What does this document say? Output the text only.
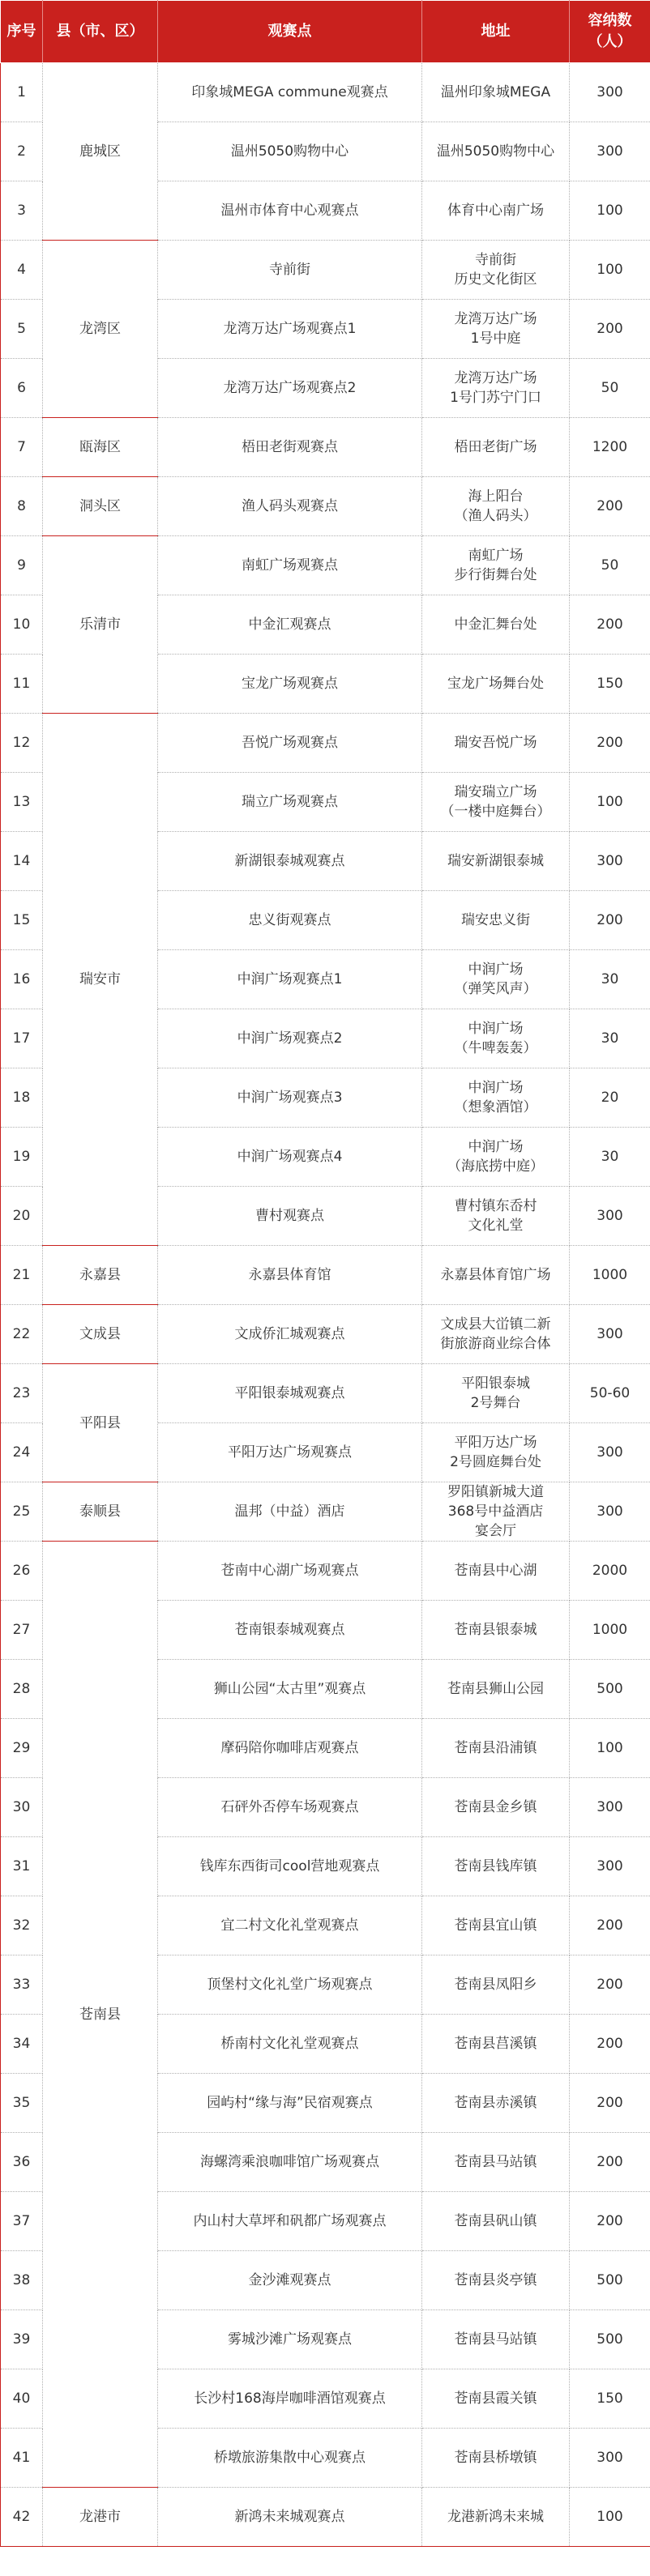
序号	县（市、区）	观赛点	地址	容纳数
（人）
1	鹿城区	印象城MEGA commune观赛点	温州印象城MEGA	300
2		温州5050购物中心	温州5050购物中心	300
3		温州市体育中心观赛点	体育中心南广场	100
4	龙湾区	寺前街	寺前街
历史文化街区	100
5		龙湾万达广场观赛点1	龙湾万达广场
1号中庭	200
6		龙湾万达广场观赛点2	龙湾万达广场
1号门苏宁门口	50
7	瓯海区	梧田老街观赛点	梧田老街广场	1200
8	洞头区	渔人码头观赛点	海上阳台
（渔人码头）	200
9	乐清市	南虹广场观赛点	南虹广场
步行街舞台处	50
10		中金汇观赛点	中金汇舞台处	200
11		宝龙广场观赛点	宝龙广场舞台处	150
12	瑞安市	吾悦广场观赛点	瑞安吾悦广场	200
13		瑞立广场观赛点	瑞安瑞立广场
（一楼中庭舞台）	100
14		新湖银泰城观赛点	瑞安新湖银泰城	300
15		忠义街观赛点	瑞安忠义街	200
16		中润广场观赛点1	中润广场
（弹笑风声）	30
17		中润广场观赛点2	中润广场
（牛啤轰轰）	30
18		中润广场观赛点3	中润广场
（想象酒馆）	20
19		中润广场观赛点4	中润广场
（海底捞中庭）	30
20		曹村观赛点	曹村镇东岙村
文化礼堂	300
21	永嘉县	永嘉县体育馆	永嘉县体育馆广场	1000
22	文成县	文成侨汇城观赛点	文成县大峃镇二新
街旅游商业综合体	300
23	平阳县	平阳银泰城观赛点	平阳银泰城
2号舞台	50-60
24		平阳万达广场观赛点	平阳万达广场
2号圆庭舞台处	300
25	泰顺县	温邦（中益）酒店	罗阳镇新城大道
368号中益酒店
宴会厅	300
26	苍南县	苍南中心湖广场观赛点	苍南县中心湖	2000
27		苍南银泰城观赛点	苍南县银泰城	1000
28		狮山公园“太古里”观赛点	苍南县狮山公园	500
29		摩码陪你咖啡店观赛点	苍南县沿浦镇	100
30		石砰外否停车场观赛点	苍南县金乡镇	300
31		钱库东西街司cool营地观赛点	苍南县钱库镇	300
32		宜二村文化礼堂观赛点	苍南县宜山镇	200
33		顶堡村文化礼堂广场观赛点	苍南县凤阳乡	200
34		桥南村文化礼堂观赛点	苍南县莒溪镇	200
35		园屿村“缘与海”民宿观赛点	苍南县赤溪镇	200
36		海螺湾乘浪咖啡馆广场观赛点	苍南县马站镇	200
37		内山村大草坪和矾都广场观赛点	苍南县矾山镇	200
38		金沙滩观赛点	苍南县炎亭镇	500
39		雾城沙滩广场观赛点	苍南县马站镇	500
40		长沙村168海岸咖啡酒馆观赛点	苍南县霞关镇	150
41		桥墩旅游集散中心观赛点	苍南县桥墩镇	300
42	龙港市	新鸿未来城观赛点	龙港新鸿未来城	100
